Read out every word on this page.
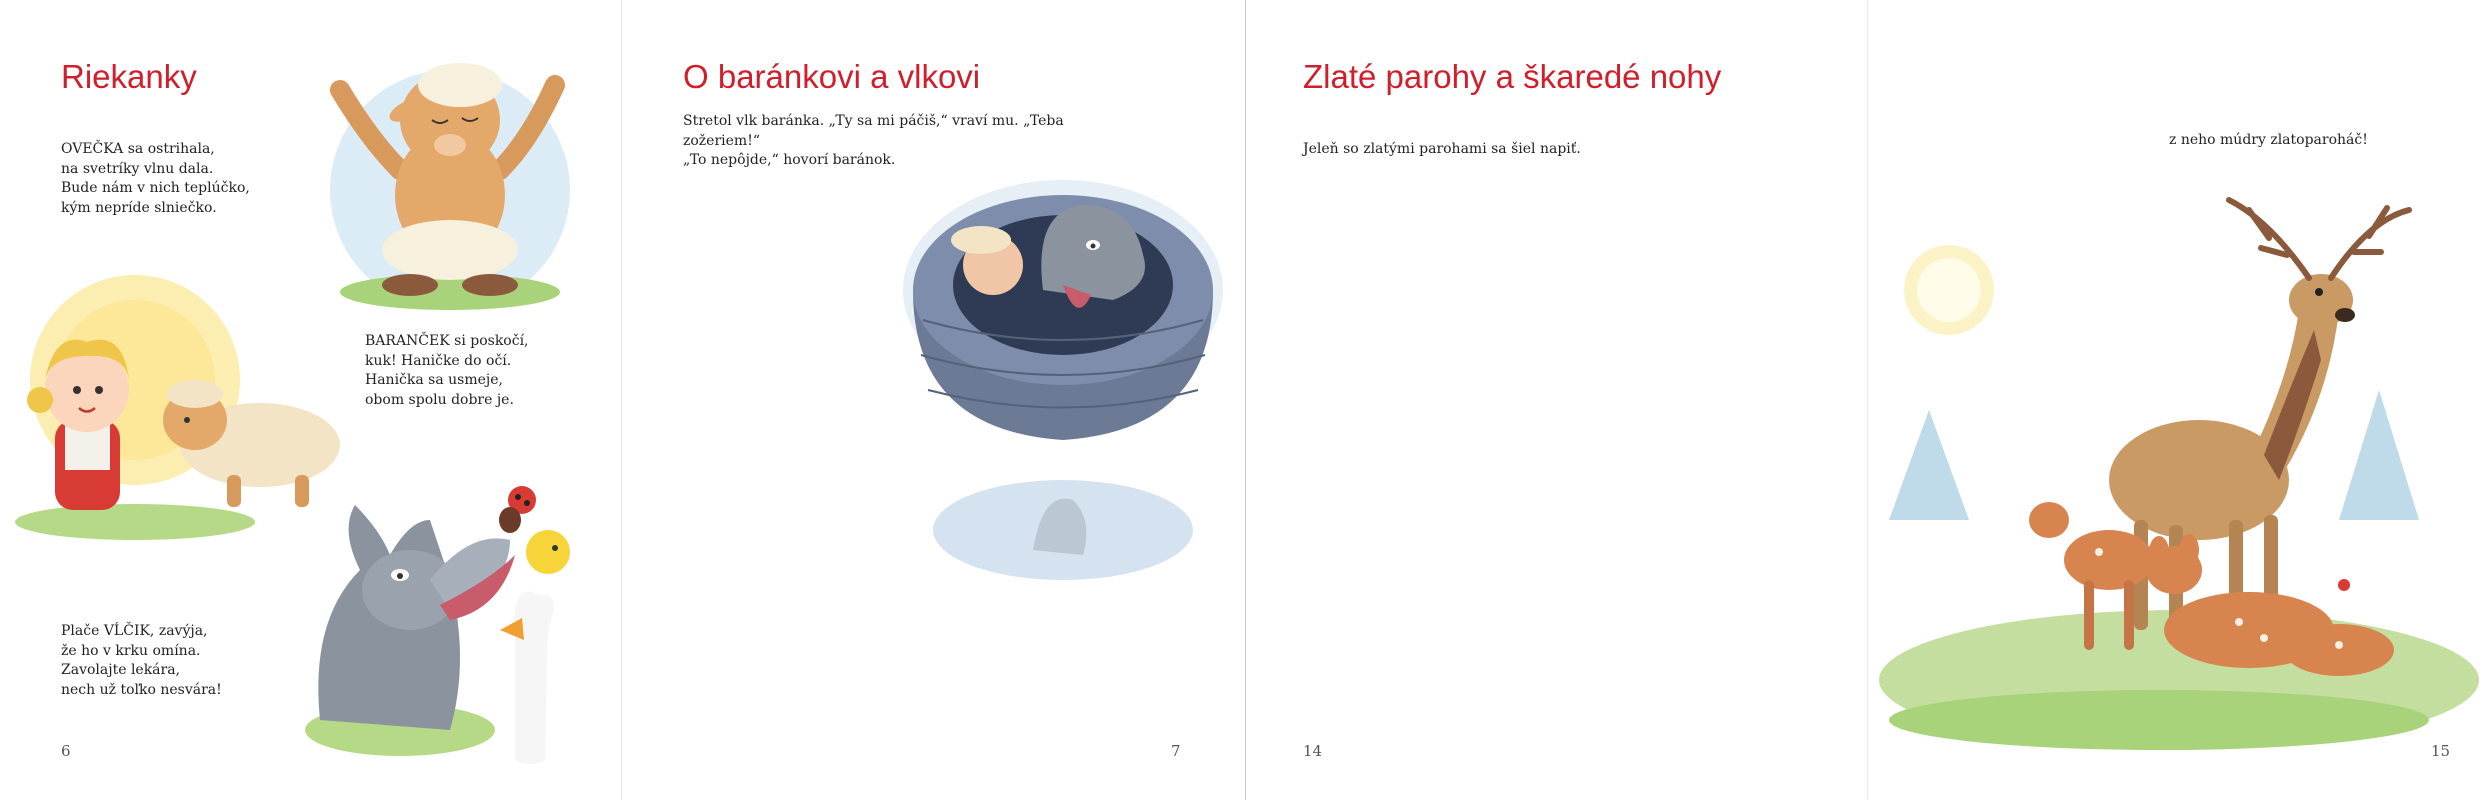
Riekanky

OVEČKA sa ostrihala,
na svetríky vlnu dala.
Bude nám v nich teplúčko,
kým nepríde slniečko.

BARANČEK si poskočí,
kuk! Haničke do očí.
Hanička sa usmeje,
obom spolu dobre je.

Plače VĹČIK, zavýja,
že ho v krku omína.
Zavolajte lekára,
nech už toľko nesvára!

6
O baránkovi a vlkovi

Stretol vlk baránka. „Ty sa mi páčiš,“ vraví mu. „Teba zožeriem!“
„To nepôjde,“ hovorí baránok.

7
Zlaté parohy a škaredé nohy

Jeleň so zlatými parohami sa šiel napiť.

14

z neho múdry zlatoparoháč!

15
